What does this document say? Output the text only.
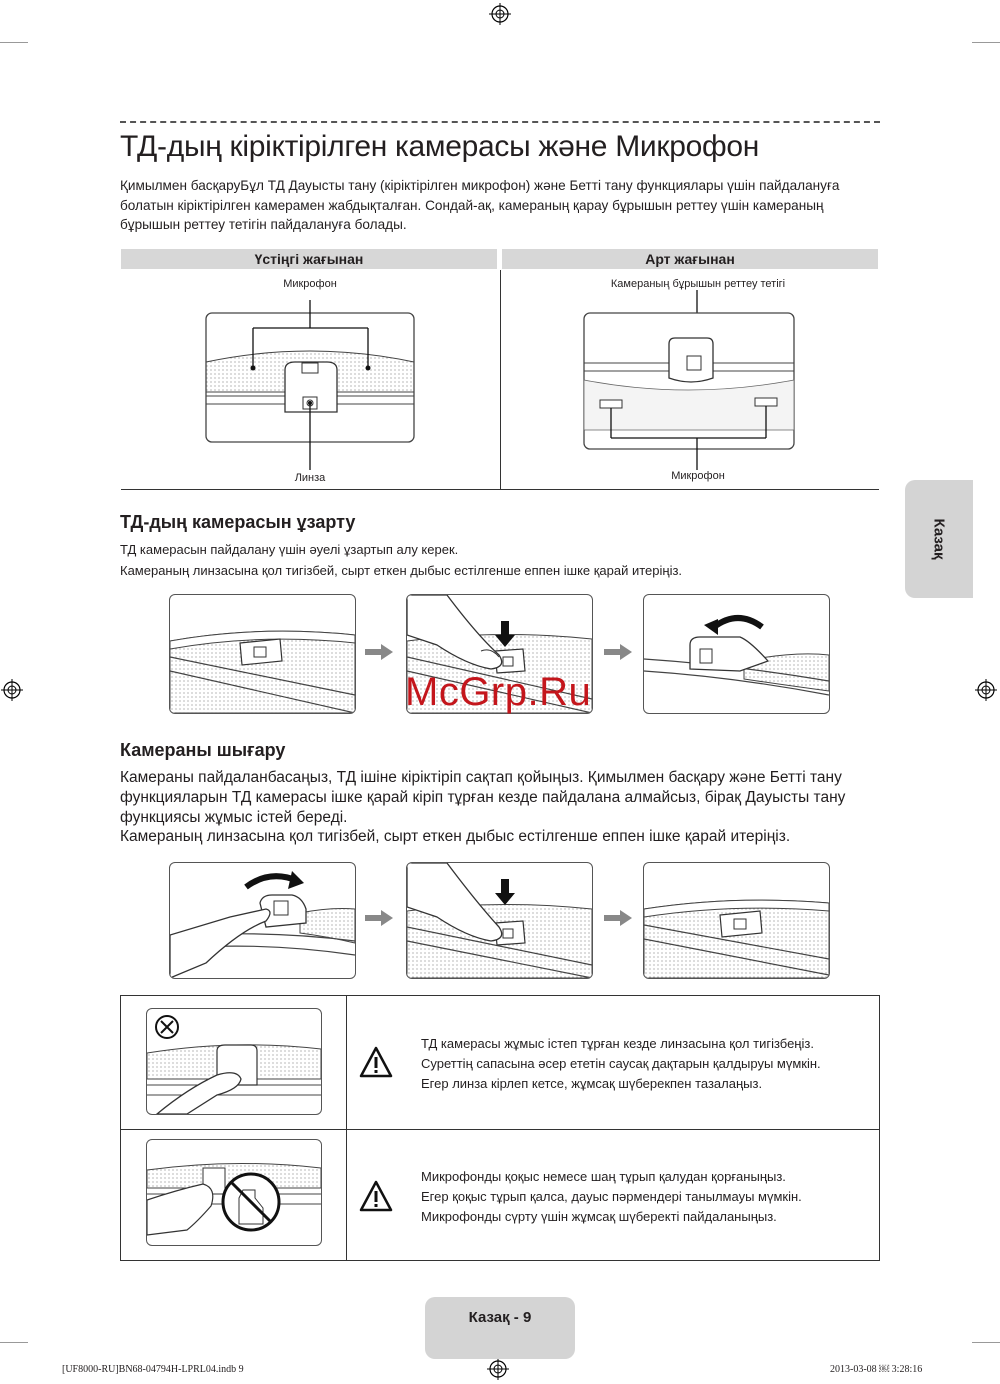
ТД-дың кіріктірілген камерасы және Микрофон

Қимылмен басқаруБұл ТД Дауысты тану (кіріктірілген микрофон) және Бетті тану функциялары үшін пайдалануға болатын кіріктірілген камерамен жабдықталған. Сондай-ақ, камераның қарау бұрышын реттеу үшін камераның бұрышын реттеу тетігін пайдалануға болады.

Үстіңгі жағынан	Арт жағынан
Микрофон
Линза
Камераның бұрышын реттеу тетігі
Микрофон
ТД-дың камерасын ұзарту

ТД камерасын пайдалану үшін әуелі ұзартып алу керек.

Камераның линзасына қол тигізбей, сырт еткен дыбыс естілгенше еппен ішке қарай итеріңіз.

McGrp.Ru
Камераны шығару

Камераны пайдаланбасаңыз, ТД ішіне кіріктіріп сақтап қойыңыз. Қимылмен басқару және Бетті тану функцияларын ТД камерасы ішке қарай кіріп тұрған кезде пайдалана алмайсыз, бірақ Дауысты тану функциясы жұмыс істей береді.

Камераның линзасына қол тигізбей, сырт еткен дыбыс естілгенше еппен ішке қарай итеріңіз.

ТД камерасы жұмыс істеп тұрған кезде линзасына қол тигізбеңіз.
Суреттің сапасына әсер ететін саусақ дақтарын қалдыруы мүмкін.
Егер линза кірлеп кетсе, жұмсақ шүберекпен тазалаңыз.
Микрофонды қоқыс немесе шаң тұрып қалудан қорғаныңыз.
Егер қоқыс тұрып қалса, дауыс пәрмендері танылмауы мүмкін.
Микрофонды сүрту үшін жұмсақ шүберекті пайдаланыңыз.
Казақ
Казақ - 9
[UF8000-RU]BN68-04794H-LPRL04.indb 9	2013-03-08 ￼ 3:28:16
